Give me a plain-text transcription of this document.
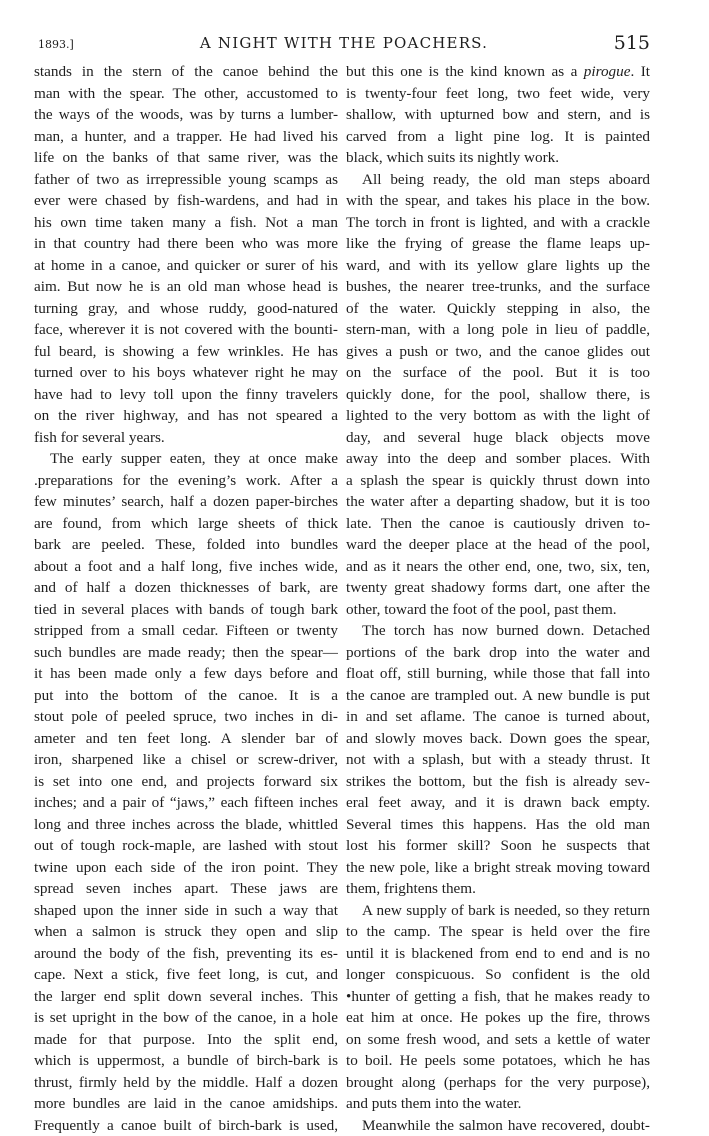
1893.]	A NIGHT WITH THE POACHERS.	515
stands in the stern of the canoe behind the
man with the spear. The other, accustomed to
the ways of the woods, was by turns a lumber-
man, a hunter, and a trapper. He had lived his
life on the banks of that same river, was the
father of two as irrepressible young scamps as
ever were chased by fish-wardens, and had in
his own time taken many a fish. Not a man
in that country had there been who was more
at home in a canoe, and quicker or surer of his
aim. But now he is an old man whose head is
turning gray, and whose ruddy, good-natured
face, wherever it is not covered with the bounti-
ful beard, is showing a few wrinkles. He has
turned over to his boys whatever right he may
have had to levy toll upon the finny travelers
on the river highway, and has not speared a
fish for several years.
The early supper eaten, they at once make
.preparations for the evening’s work. After a
few minutes’ search, half a dozen paper-birches
are found, from which large sheets of thick
bark are peeled. These, folded into bundles
about a foot and a half long, five inches wide,
and of half a dozen thicknesses of bark, are
tied in several places with bands of tough bark
stripped from a small cedar. Fifteen or twenty
such bundles are made ready; then the spear—
it has been made only a few days before and
put into the bottom of the canoe. It is a
stout pole of peeled spruce, two inches in di-
ameter and ten feet long. A slender bar of
iron, sharpened like a chisel or screw-driver,
is set into one end, and projects forward six
inches; and a pair of “jaws,” each fifteen inches
long and three inches across the blade, whittled
out of tough rock-maple, are lashed with stout
twine upon each side of the iron point. They
spread seven inches apart. These jaws are
shaped upon the inner side in such a way that
when a salmon is struck they open and slip
around the body of the fish, preventing its es-
cape. Next a stick, five feet long, is cut, and
the larger end split down several inches. This
is set upright in the bow of the canoe, in a hole
made for that purpose. Into the split end,
which is uppermost, a bundle of birch-bark is
thrust, firmly held by the middle. Half a dozen
more bundles are laid in the canoe amidships.
Frequently a canoe built of birch-bark is used,
but this one is the kind known as a pirogue. It
is twenty-four feet long, two feet wide, very
shallow, with upturned bow and stern, and is
carved from a light pine log. It is painted
black, which suits its nightly work.
All being ready, the old man steps aboard
with the spear, and takes his place in the bow.
The torch in front is lighted, and with a crackle
like the frying of grease the flame leaps up-
ward, and with its yellow glare lights up the
bushes, the nearer tree-trunks, and the surface
of the water. Quickly stepping in also, the
stern-man, with a long pole in lieu of paddle,
gives a push or two, and the canoe glides out
on the surface of the pool. But it is too
quickly done, for the pool, shallow there, is
lighted to the very bottom as with the light of
day, and several huge black objects move
away into the deep and somber places. With
a splash the spear is quickly thrust down into
the water after a departing shadow, but it is too
late. Then the canoe is cautiously driven to-
ward the deeper place at the head of the pool,
and as it nears the other end, one, two, six, ten,
twenty great shadowy forms dart, one after the
other, toward the foot of the pool, past them.
The torch has now burned down. Detached
portions of the bark drop into the water and
float off, still burning, while those that fall into
the canoe are trampled out. A new bundle is put
in and set aflame. The canoe is turned about,
and slowly moves back. Down goes the spear,
not with a splash, but with a steady thrust. It
strikes the bottom, but the fish is already sev-
eral feet away, and it is drawn back empty.
Several times this happens. Has the old man
lost his former skill? Soon he suspects that
the new pole, like a bright streak moving toward
them, frightens them.
A new supply of bark is needed, so they return
to the camp. The spear is held over the fire
until it is blackened from end to end and is no
longer conspicuous. So confident is the old
•hunter of getting a fish, that he makes ready to
eat him at once. He pokes up the fire, throws
on some fresh wood, and sets a kettle of water
to boil. He peels some potatoes, which he has
brought along (perhaps for the very purpose),
and puts them into the water.
Meanwhile the salmon have recovered, doubt-
